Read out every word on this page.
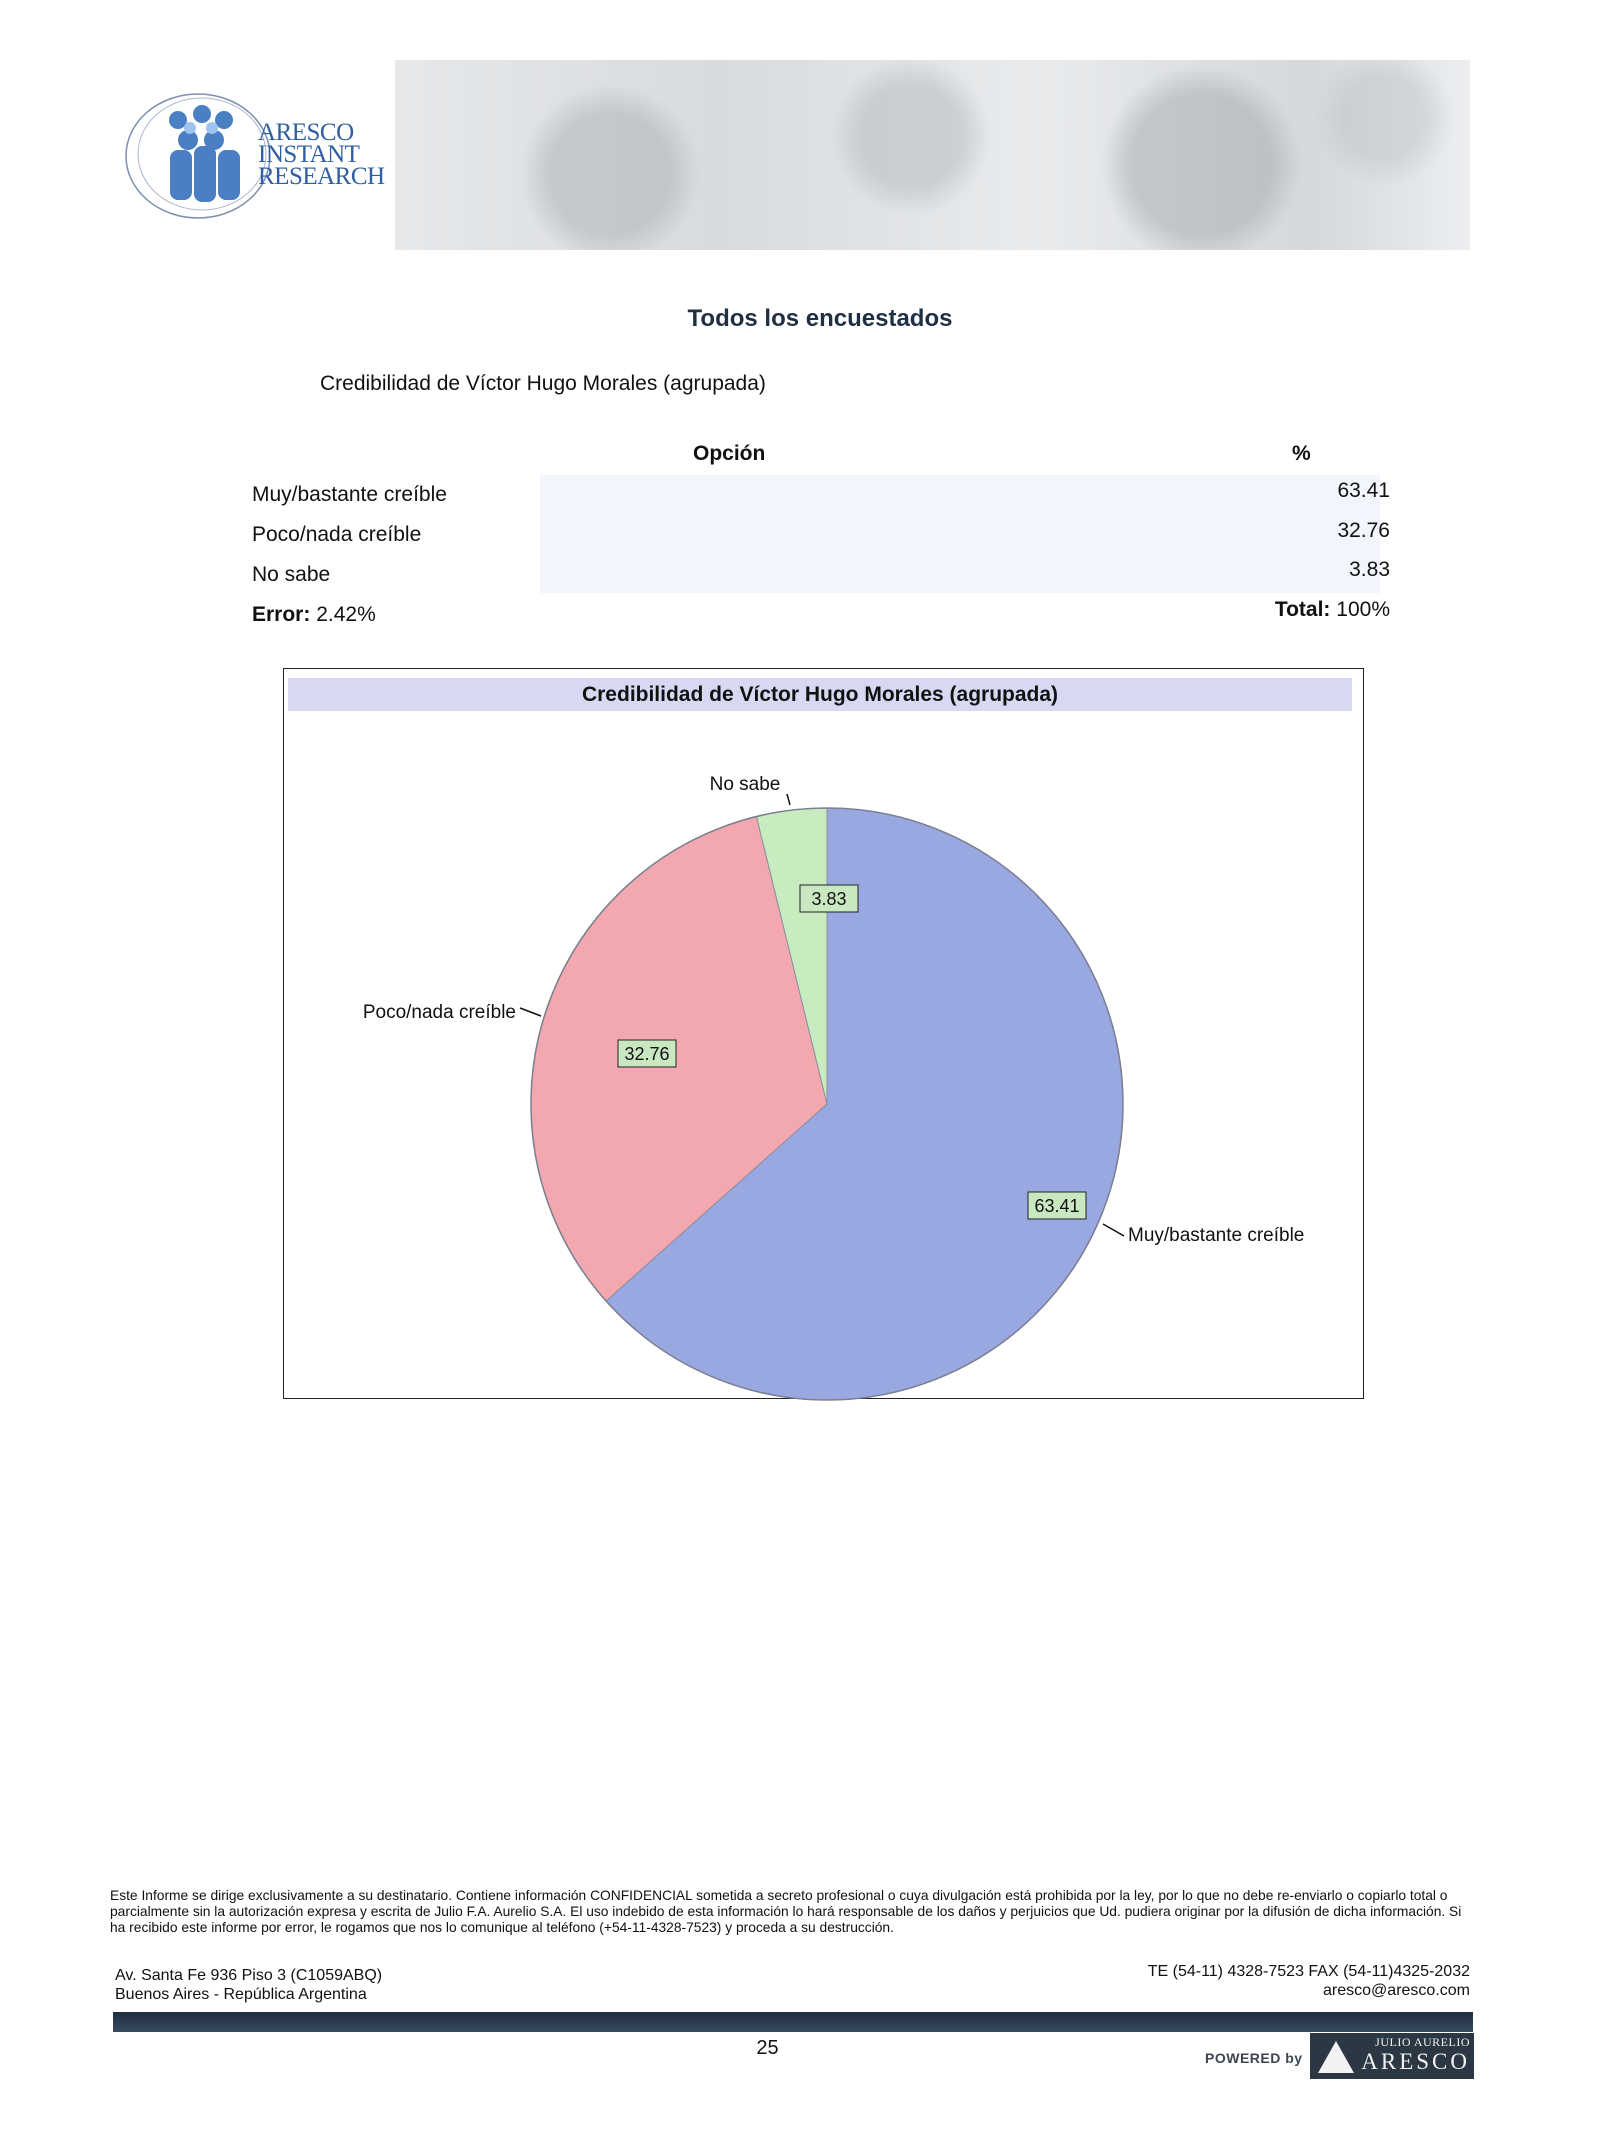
ARESCO
INSTANT
RESEARCH
Todos los encuestados
Credibilidad de Víctor Hugo Morales (agrupada)
Opción	%
Muy/bastante creíble	63.41
Poco/nada creíble	32.76
No sabe	3.83
Error: 2.42%	Total: 100%
Credibilidad de Víctor Hugo Morales (agrupada)
63.41
32.76
3.83
Muy/bastante creíble
Poco/nada creíble
No sabe
Este Informe se dirige exclusivamente a su destinatario. Contiene información CONFIDENCIAL sometida a secreto profesional o cuya divulgación está prohibida por la ley, por lo que no debe re-enviarlo o copiarlo total o parcialmente sin la autorización expresa y escrita de Julio F.A. Aurelio S.A. El uso indebido de esta información lo hará responsable de los daños y perjuicios que Ud. pudiera originar por la difusión de dicha información. Si ha recibido este informe por error, le rogamos que nos lo comunique al teléfono (+54-11-4328-7523) y proceda a su destrucción.
Av. Santa Fe 936 Piso 3 (C1059ABQ)
Buenos Aires - República Argentina
TE (54-11) 4328-7523 FAX (54-11)4325-2032
aresco@aresco.com
25	POWERED by
JULIO AURELIO
ARESCO
